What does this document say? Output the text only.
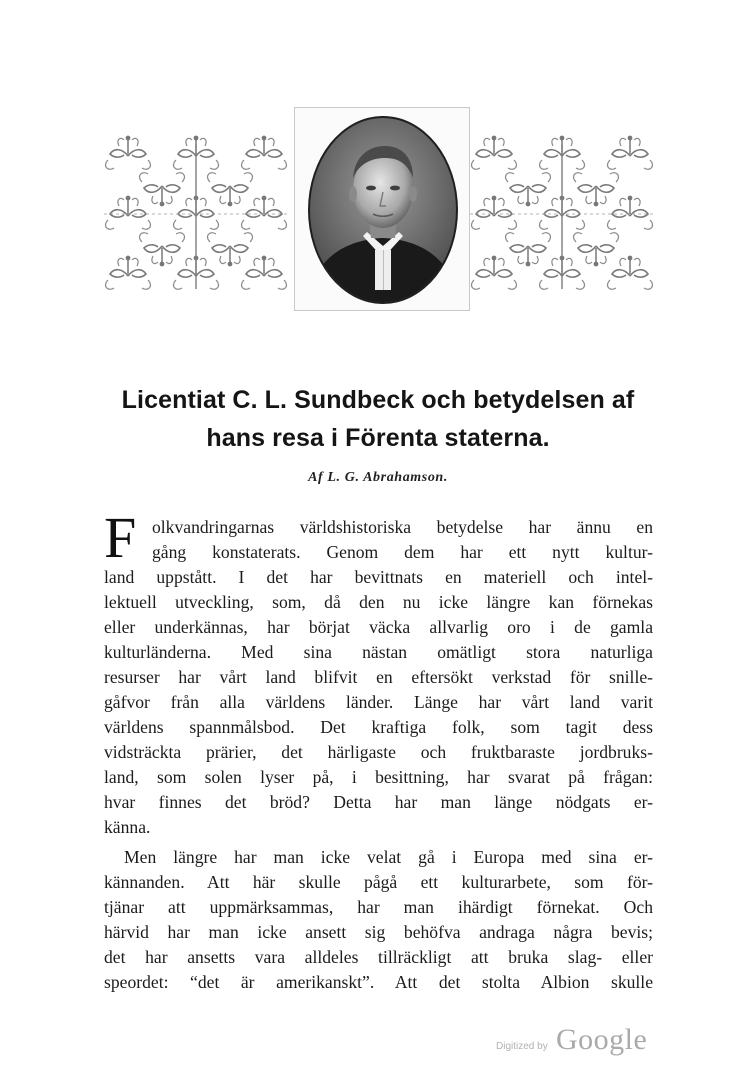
Licentiat C. L. Sundbeck och betydelsen af
hans resa i Förenta staterna.
Af L. G. Abrahamson.
F olkvandringarnas världshistoriska betydelse har ännu en
gång konstaterats. Genom dem har ett nytt kultur-
land uppstått. I det har bevittnats en materiell och intel-
lektuell utveckling, som, då den nu icke längre kan förnekas
eller underkännas, har börjat väcka allvarlig oro i de gamla
kulturländerna. Med sina nästan omätligt stora naturliga
resurser har vårt land blifvit en eftersökt verkstad för snille-
gåfvor från alla världens länder. Länge har vårt land varit
världens spannmålsbod. Det kraftiga folk, som tagit dess
vidsträckta prärier, det härligaste och fruktbaraste jordbruks-
land, som solen lyser på, i besittning, har svarat på frågan:
hvar finnes det bröd? Detta har man länge nödgats er-
känna.
Men längre har man icke velat gå i Europa med sina er-
kännanden. Att här skulle pågå ett kulturarbete, som för-
tjänar att uppmärksammas, har man ihärdigt förnekat. Och
härvid har man icke ansett sig behöfva andraga några bevis;
det har ansetts vara alldeles tillräckligt att bruka slag- eller
speordet: “det är amerikanskt”. Att det stolta Albion skulle
Digitized by Google
